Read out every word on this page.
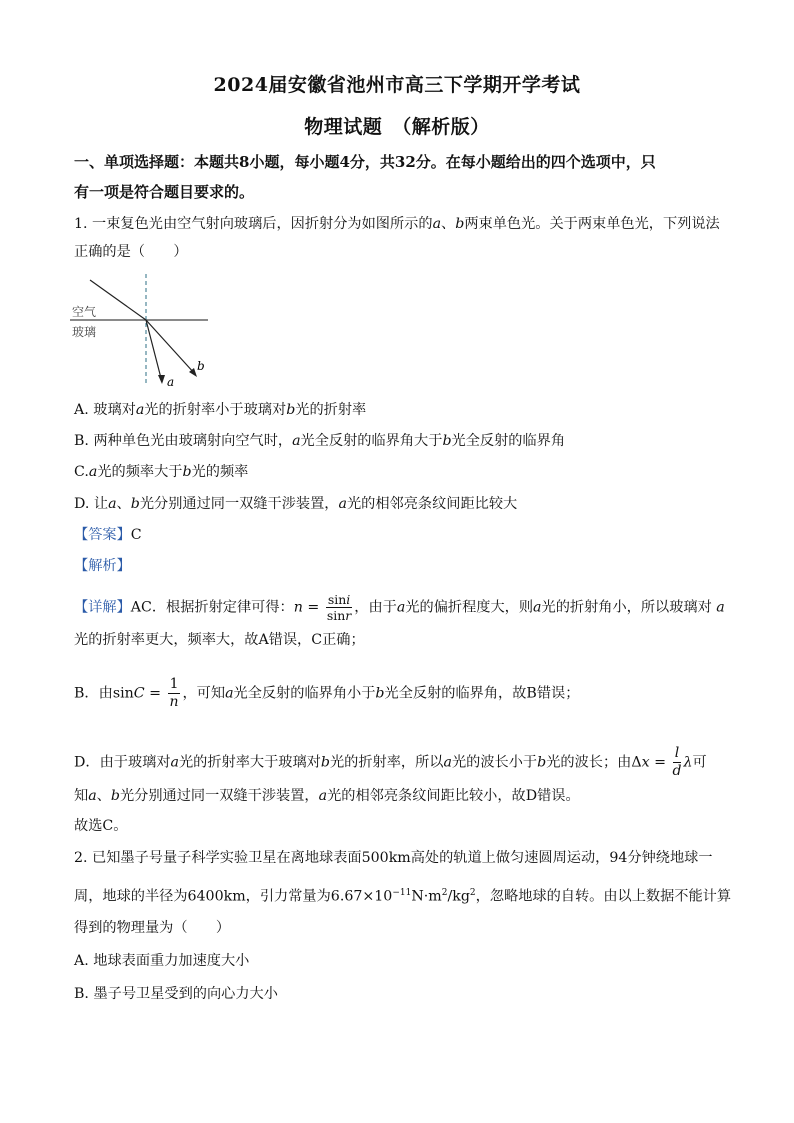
2024届安徽省池州市高三下学期开学考试
物理试题　（解析版）
一、单项选择题：本题共8小题，每小题4分，共32分。在每小题给出的四个选项中，只
有一项是符合题目要求的。
1. 一束复色光由空气射向玻璃后，因折射分为如图所示的a、b两束单色光。关于两束单色光，下列说法
正确的是（　　）
空气
玻璃
a
b
A. 玻璃对a光的折射率小于玻璃对b光的折射率
B. 两种单色光由玻璃射向空气时，a光全反射的临界角大于b光全反射的临界角
C.a光的频率大于b光的频率
D. 让a、b光分别通过同一双缝干涉装置，a光的相邻亮条纹间距比较大
【答案】C
【解析】
【详解】AC．根据折射定律可得：$n = \frac{\sin i}{\sin r}$ ，由于a光的偏折程度大，则a光的折射角小，所以玻璃对 a
光的折射率更大，频率大，故A错误，C正确；
B．由$\sin C = \frac{1}{n}$ ，可知a光全反射的临界角小于b光全反射的临界角，故B错误；
D．由于玻璃对a光的折射率大于玻璃对b光的折射率，所以a光的波长小于b光的波长；由$\Delta x = \frac{l}{d}$ λ可
知a、b光分别通过同一双缝干涉装置，a光的相邻亮条纹间距比较小，故D错误。
故选C。
2. 已知墨子号量子科学实验卫星在离地球表面500km高处的轨道上做匀速圆周运动，94分钟绕地球一
周，地球的半径为6400km，引力常量为$6.67\times 10^{-11}N\cdot m^2/kg^2$，忽略地球的自转。由以上数据不能计算
得到的物理量为（　　）
A. 地球表面重力加速度大小
B. 墨子号卫星受到的向心力大小
